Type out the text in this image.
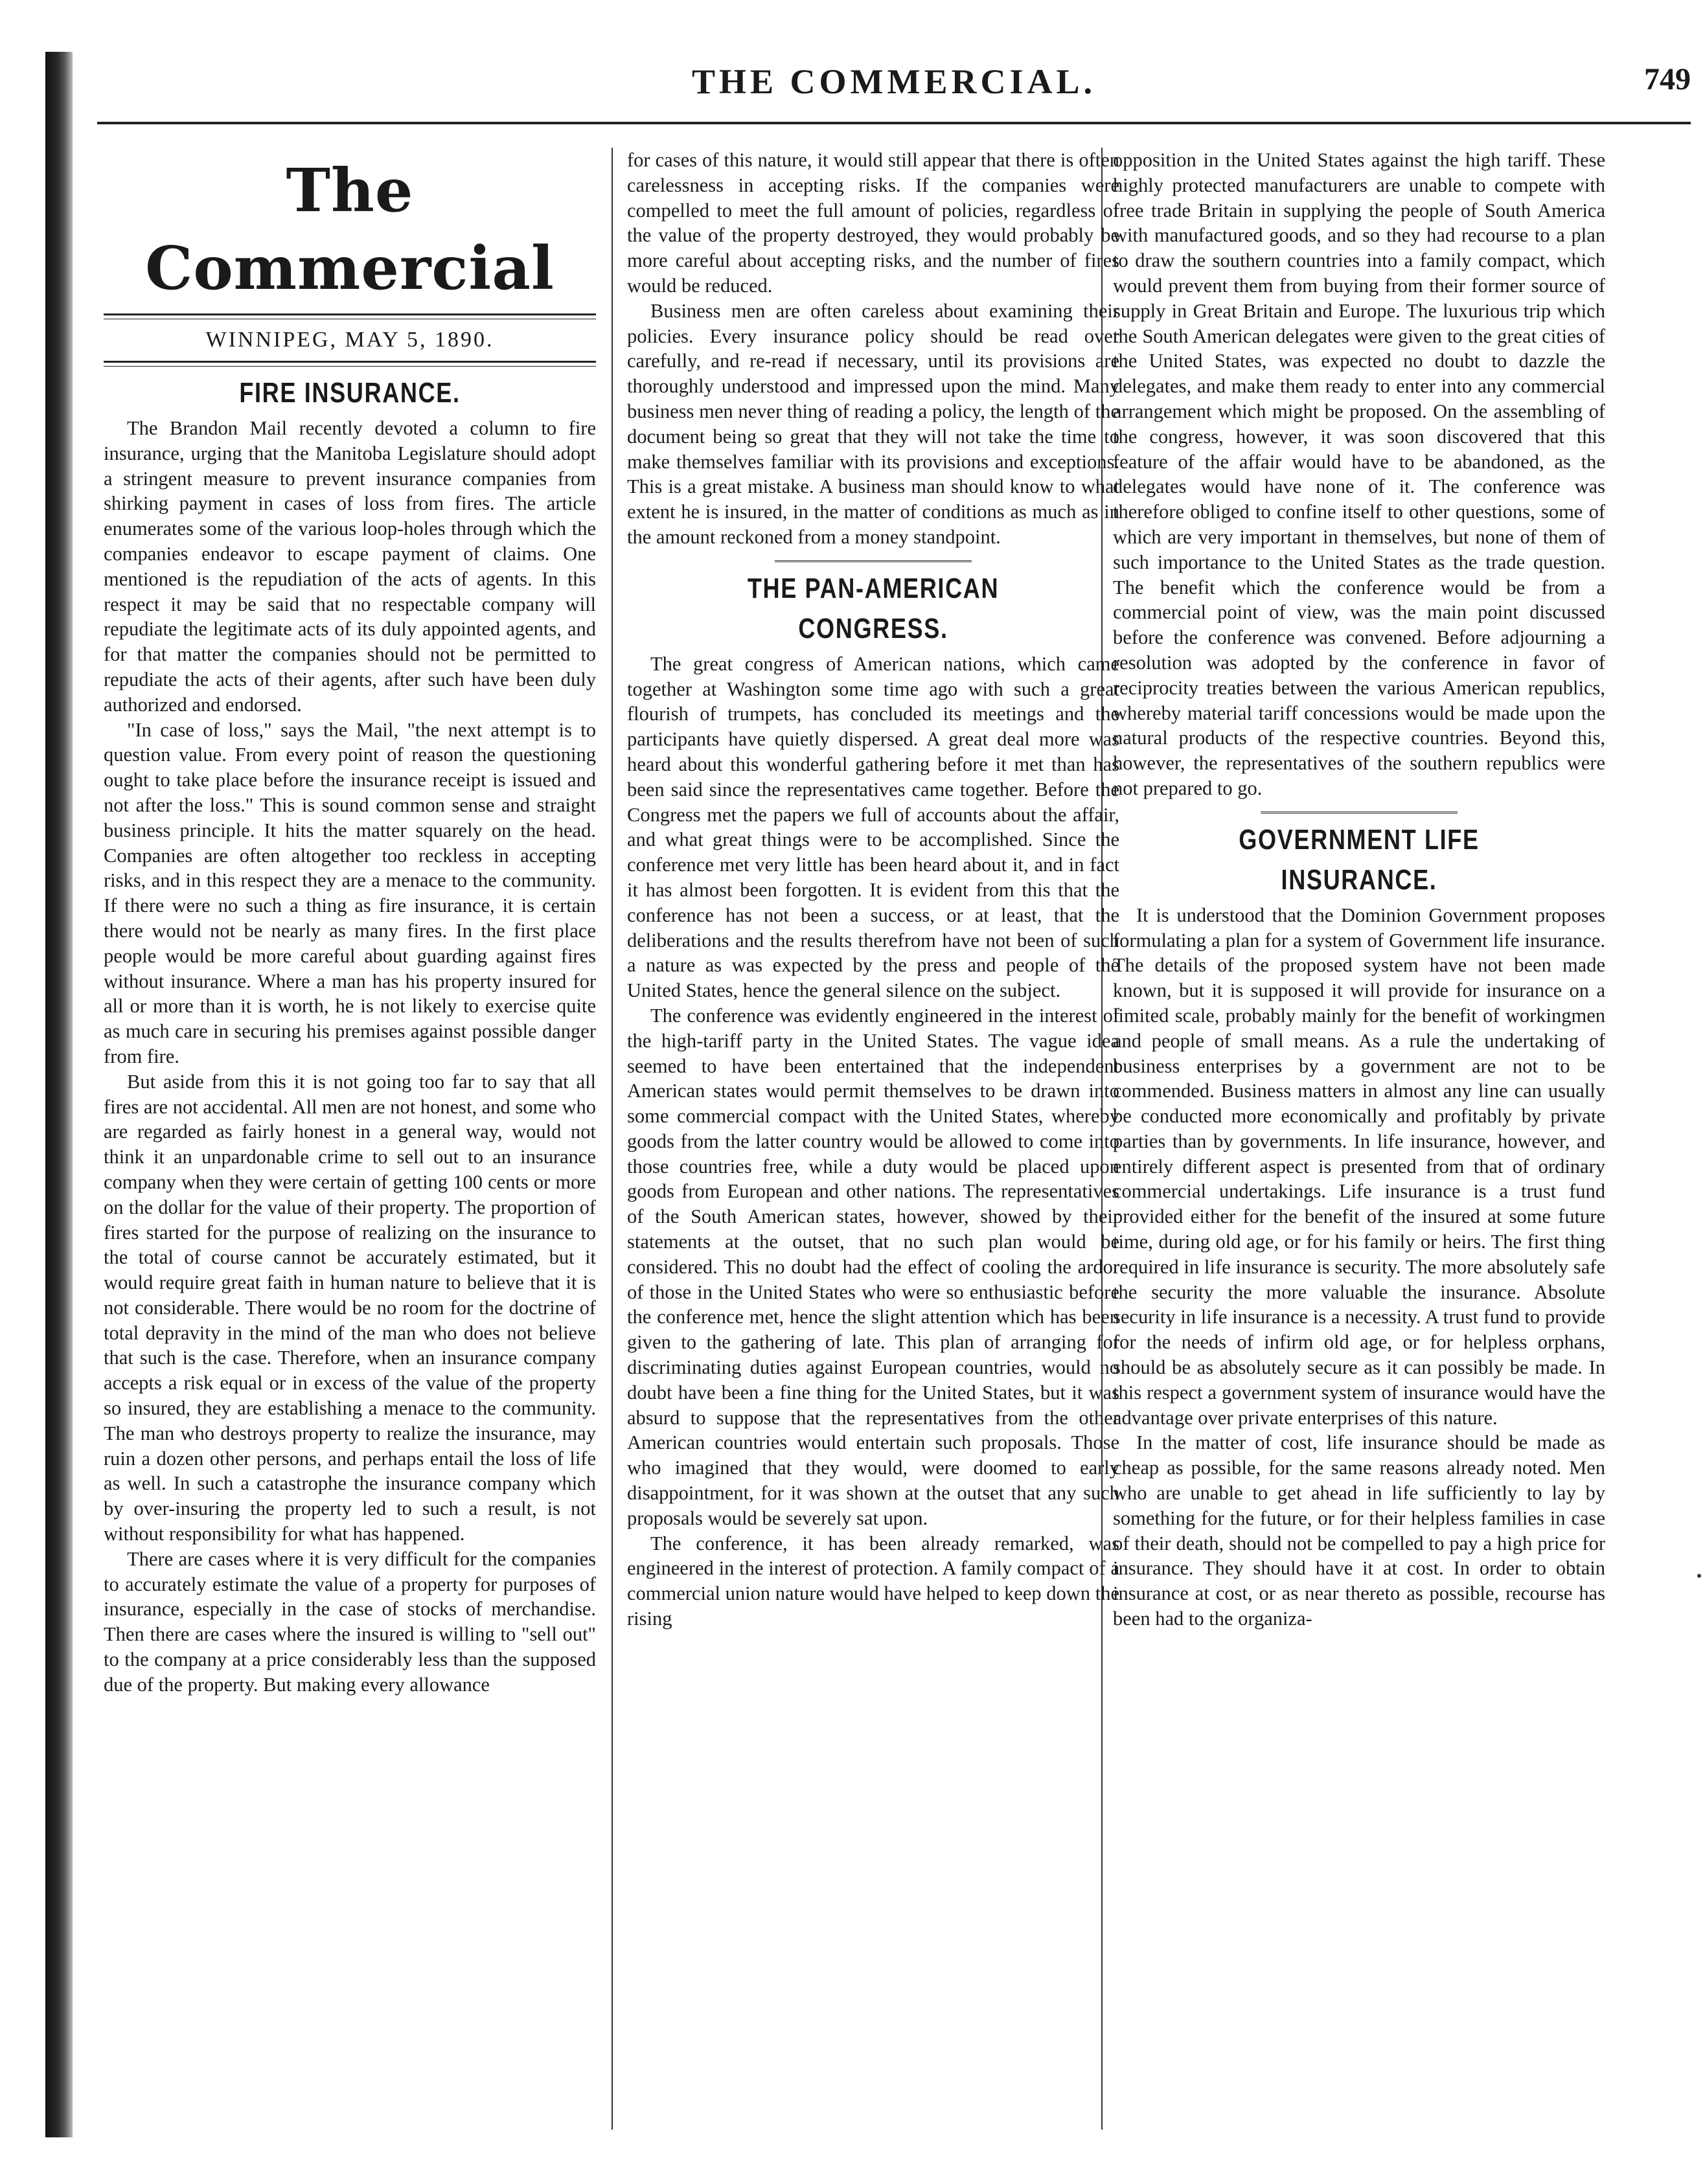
THE COMMERCIAL.	749
The Commercial
WINNIPEG, MAY 5, 1890.
FIRE INSURANCE.

The Brandon Mail recently devoted a column to fire insurance, urging that the Manitoba Legislature should adopt a stringent measure to prevent insurance companies from shirking payment in cases of loss from fires. The article enumerates some of the various loop-holes through which the companies endeavor to escape payment of claims. One mentioned is the repudiation of the acts of agents. In this respect it may be said that no respectable company will repudiate the legitimate acts of its duly appointed agents, and for that matter the companies should not be permitted to repudiate the acts of their agents, after such have been duly authorized and endorsed.

"In case of loss," says the Mail, "the next attempt is to question value. From every point of reason the questioning ought to take place before the insurance receipt is issued and not after the loss." This is sound common sense and straight business principle. It hits the matter squarely on the head. Companies are often altogether too reckless in accepting risks, and in this respect they are a menace to the community. If there were no such a thing as fire insurance, it is certain there would not be nearly as many fires. In the first place people would be more careful about guarding against fires without insurance. Where a man has his property insured for all or more than it is worth, he is not likely to exercise quite as much care in securing his premises against possible danger from fire.

But aside from this it is not going too far to say that all fires are not accidental. All men are not honest, and some who are regarded as fairly honest in a general way, would not think it an unpardonable crime to sell out to an insurance company when they were certain of getting 100 cents or more on the dollar for the value of their property. The proportion of fires started for the purpose of realizing on the insurance to the total of course cannot be accurately estimated, but it would require great faith in human nature to believe that it is not considerable. There would be no room for the doctrine of total depravity in the mind of the man who does not believe that such is the case. Therefore, when an insurance company accepts a risk equal or in excess of the value of the property so insured, they are establishing a menace to the community. The man who destroys property to realize the insurance, may ruin a dozen other persons, and perhaps entail the loss of life as well. In such a catastrophe the insurance company which by over-insuring the property led to such a result, is not without responsibility for what has happened.

There are cases where it is very difficult for the companies to accurately estimate the value of a property for purposes of insurance, especially in the case of stocks of merchandise. Then there are cases where the insured is willing to "sell out" to the company at a price considerably less than the supposed due of the property. But making every allowance

for cases of this nature, it would still appear that there is often carelessness in accepting risks. If the companies were compelled to meet the full amount of policies, regardless of the value of the property destroyed, they would probably be more careful about accepting risks, and the number of fires would be reduced.

Business men are often careless about examining their policies. Every insurance policy should be read over carefully, and re-read if necessary, until its provisions are thoroughly understood and impressed upon the mind. Many business men never thing of reading a policy, the length of the document being so great that they will not take the time to make themselves familiar with its provisions and exceptions. This is a great mistake. A business man should know to what extent he is insured, in the matter of conditions as much as in the amount reckoned from a money standpoint.

THE PAN-AMERICAN CONGRESS.

The great congress of American nations, which came together at Washington some time ago with such a great flourish of trumpets, has concluded its meetings and the participants have quietly dispersed. A great deal more was heard about this wonderful gathering before it met than has been said since the representatives came together. Before the Congress met the papers we full of accounts about the affair, and what great things were to be accomplished. Since the conference met very little has been heard about it, and in fact it has almost been forgotten. It is evident from this that the conference has not been a success, or at least, that the deliberations and the results therefrom have not been of such a nature as was expected by the press and people of the United States, hence the general silence on the subject.

The conference was evidently engineered in the interest of the high-tariff party in the United States. The vague idea seemed to have been entertained that the independent American states would permit themselves to be drawn into some commercial compact with the United States, whereby goods from the latter country would be allowed to come into those countries free, while a duty would be placed upon goods from European and other nations. The representatives of the South American states, however, showed by their statements at the outset, that no such plan would be considered. This no doubt had the effect of cooling the ardor of those in the United States who were so enthusiastic before the conference met, hence the slight attention which has been given to the gathering of late. This plan of arranging for discriminating duties against European countries, would no doubt have been a fine thing for the United States, but it was absurd to suppose that the representatives from the other American countries would entertain such proposals. Those who imagined that they would, were doomed to early disappointment, for it was shown at the outset that any such proposals would be severely sat upon.

The conference, it has been already remarked, was engineered in the interest of protection. A family compact of a commercial union nature would have helped to keep down the rising

opposition in the United States against the high tariff. These highly protected manufacturers are unable to compete with free trade Britain in supplying the people of South America with manufactured goods, and so they had recourse to a plan to draw the southern countries into a family compact, which would prevent them from buying from their former source of supply in Great Britain and Europe. The luxurious trip which the South American delegates were given to the great cities of the United States, was expected no doubt to dazzle the delegates, and make them ready to enter into any commercial arrangement which might be proposed. On the assembling of the congress, however, it was soon discovered that this feature of the affair would have to be abandoned, as the delegates would have none of it. The conference was therefore obliged to confine itself to other questions, some of which are very important in themselves, but none of them of such importance to the United States as the trade question. The benefit which the conference would be from a commercial point of view, was the main point discussed before the conference was convened. Before adjourning a resolution was adopted by the conference in favor of reciprocity treaties between the various American republics, whereby material tariff concessions would be made upon the natural products of the respective countries. Beyond this, however, the representatives of the southern republics were not prepared to go.

GOVERNMENT LIFE INSURANCE.

It is understood that the Dominion Government proposes formulating a plan for a system of Government life insurance. The details of the proposed system have not been made known, but it is supposed it will provide for insurance on a limited scale, probably mainly for the benefit of workingmen and people of small means. As a rule the undertaking of business enterprises by a government are not to be commended. Business matters in almost any line can usually be conducted more economically and profitably by private parties than by governments. In life insurance, however, and entirely different aspect is presented from that of ordinary commercial undertakings. Life insurance is a trust fund provided either for the benefit of the insured at some future time, during old age, or for his family or heirs. The first thing required in life insurance is security. The more absolutely safe the security the more valuable the insurance. Absolute security in life insurance is a necessity. A trust fund to provide for the needs of infirm old age, or for helpless orphans, should be as absolutely secure as it can possibly be made. In this respect a government system of insurance would have the advantage over private enterprises of this nature.

In the matter of cost, life insurance should be made as cheap as possible, for the same reasons already noted. Men who are unable to get ahead in life sufficiently to lay by something for the future, or for their helpless families in case of their death, should not be compelled to pay a high price for insurance. They should have it at cost. In order to obtain insurance at cost, or as near thereto as possible, recourse has been had to the organiza-
